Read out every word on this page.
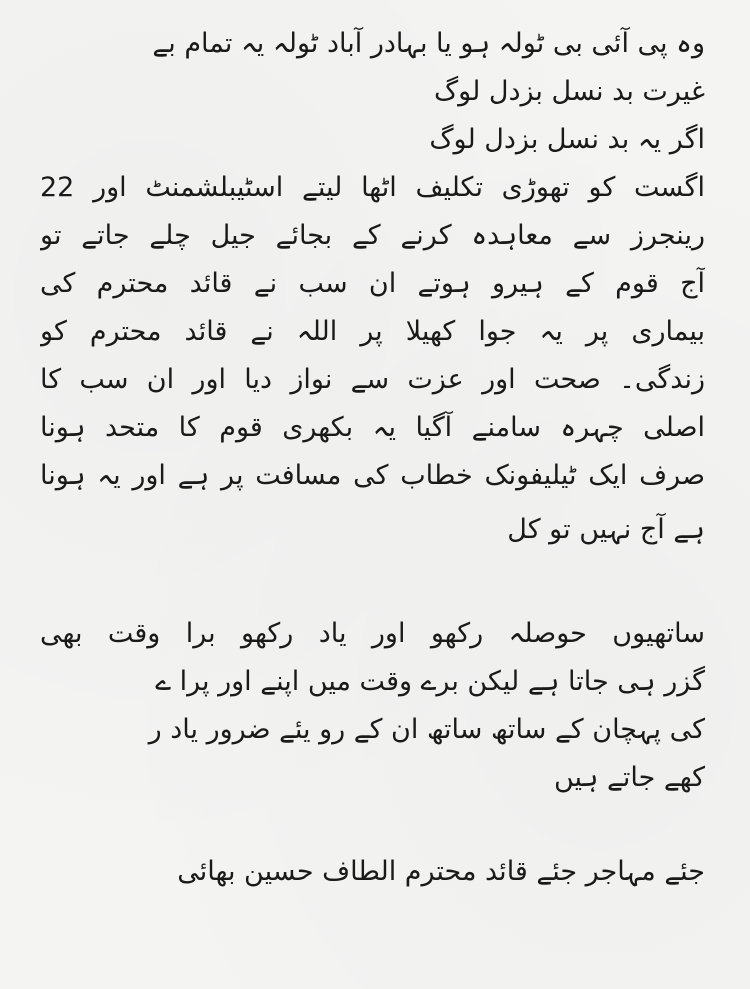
وہ پی آئی بی ٹولہ ہو یا بہادر آباد ٹولہ یہ تمام بے
غیرت بد نسل بزدل لوگ
اگر یہ بد نسل بزدل لوگ
اگست کو تھوڑی تکلیف اٹھا لیتے اسٹیبلشمنٹ اور 22
رینجرز سے معاہدہ کرنے کے بجائے جیل چلے جاتے تو
آج قوم کے ہیرو ہوتے ان سب نے قائد محترم کی
بیماری پر یہ جوا کھیلا پر اللہ نے قائد محترم کو
زندگی۔ صحت اور عزت سے نواز دیا اور ان سب کا
اصلی چہرہ سامنے آگیا یہ بکھری قوم کا متحد ہونا
صرف ایک ٹیلیفونک خطاب کی مسافت پر ہے اور یہ ہونا
ہے آج نہیں تو کل
ساتھیوں حوصلہ رکھو اور یاد رکھو برا وقت بھی
گزر ہی جاتا ہے لیکن برے وقت میں اپنے اور پرا ے
کی پہچان کے ساتھ ساتھ ان کے رو یئے ضرور یاد ر
کھے جاتے ہیں
جئے مہاجر جئے قائد محترم الطاف حسین بھائی
